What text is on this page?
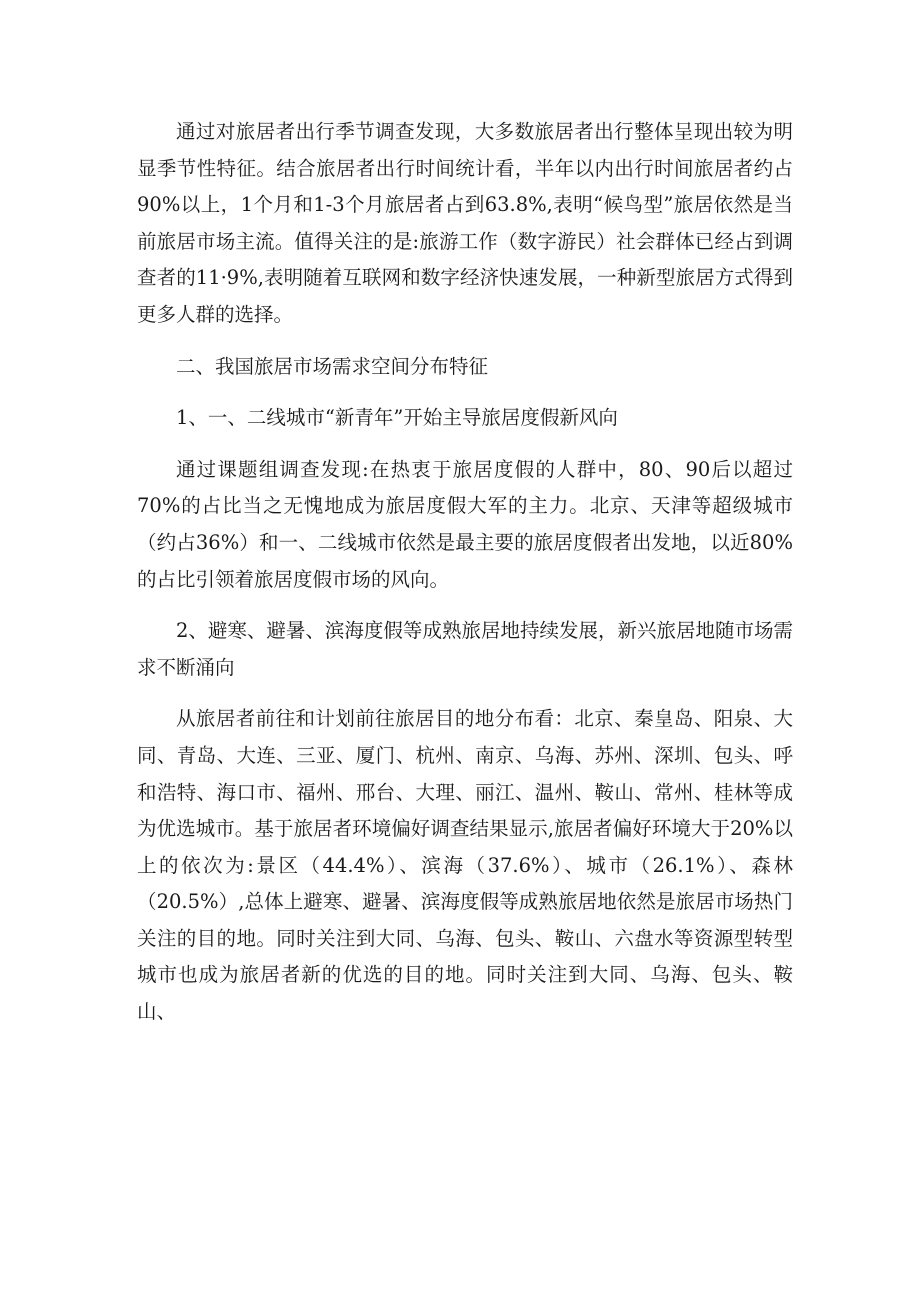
通过对旅居者出行季节调查发现，大多数旅居者出行整体呈现出较为明显季节性特征。结合旅居者出行时间统计看，半年以内出行时间旅居者约占90%以上，1个月和1-3个月旅居者占到63.8%,表明“候鸟型”旅居依然是当前旅居市场主流。值得关注的是:旅游工作（数字游民）社会群体已经占到调查者的11·9%,表明随着互联网和数字经济快速发展，一种新型旅居方式得到更多人群的选择。

二、我国旅居市场需求空间分布特征

1、一、二线城市“新青年”开始主导旅居度假新风向

通过课题组调查发现:在热衷于旅居度假的人群中，80、90后以超过70%的占比当之无愧地成为旅居度假大军的主力。北京、天津等超级城市（约占36%）和一、二线城市依然是最主要的旅居度假者出发地，以近80%的占比引领着旅居度假市场的风向。

2、避寒、避暑、滨海度假等成熟旅居地持续发展，新兴旅居地随市场需求不断涌向

从旅居者前往和计划前往旅居目的地分布看：北京、秦皇岛、阳泉、大同、青岛、大连、三亚、厦门、杭州、南京、乌海、苏州、深圳、包头、呼和浩特、海口市、福州、邢台、大理、丽江、温州、鞍山、常州、桂林等成为优选城市。基于旅居者环境偏好调查结果显示,旅居者偏好环境大于20%以上的依次为:景区（44.4%）、滨海（37.6%）、城市（26.1%）、森林（20.5%）,总体上避寒、避暑、滨海度假等成熟旅居地依然是旅居市场热门关注的目的地。同时关注到大同、乌海、包头、鞍山、六盘水等资源型转型城市也成为旅居者新的优选的目的地。同时关注到大同、乌海、包头、鞍山、
